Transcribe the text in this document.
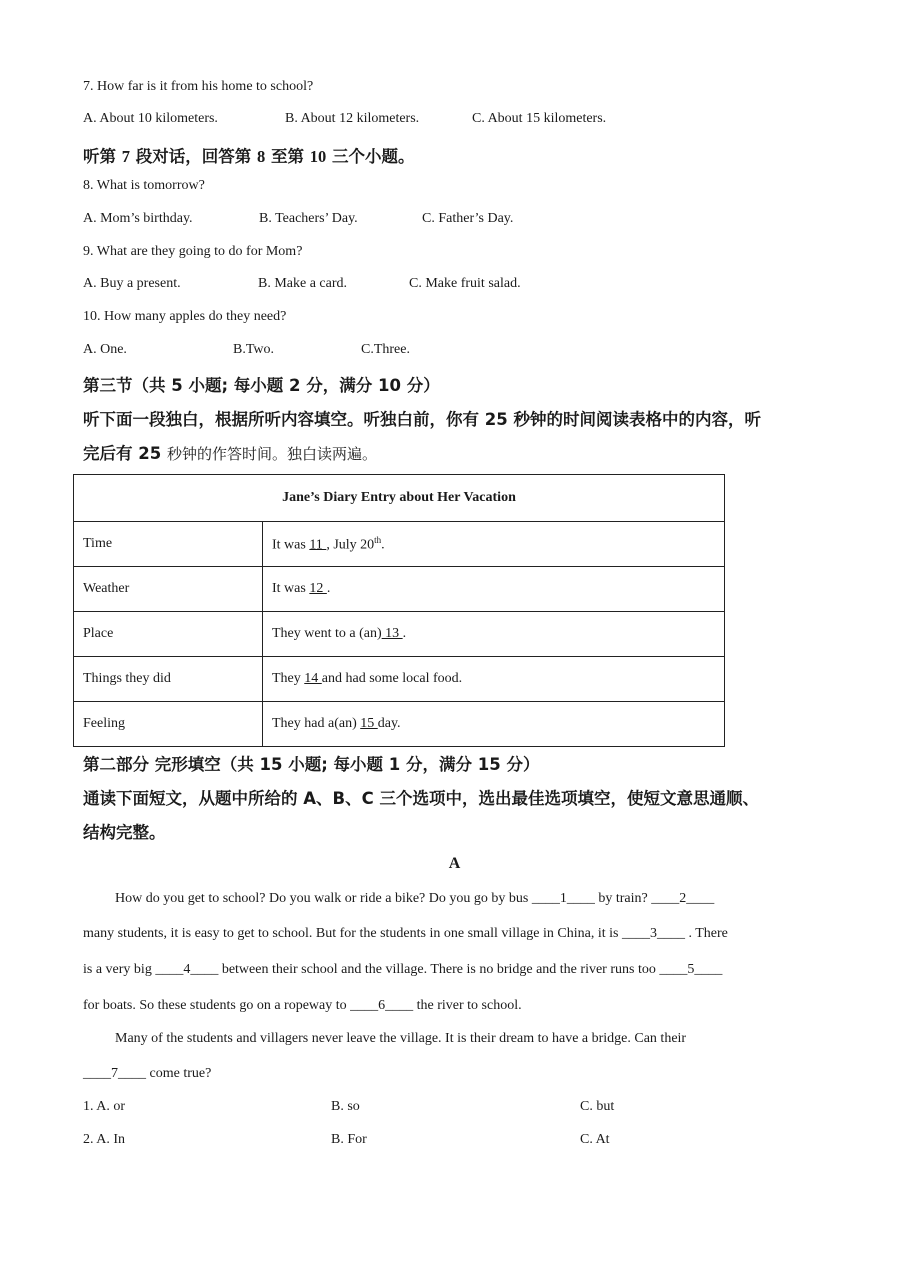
7. How far is it from his home to school?
A. About 10 kilometers.	B. About 12 kilometers.	C. About 15 kilometers.
听第 7 段对话，回答第 8 至第 10 三个小题。
8. What is tomorrow?
A. Mom’s birthday.	B. Teachers’ Day.	C. Father’s Day.
9. What are they going to do for Mom?
A. Buy a present.	B. Make a card.	C. Make fruit salad.
10. How many apples do they need?
A. One.	B.Two.	C.Three.
第三节（共 5 小题; 每小题 2 分，满分 10 分）
听下面一段独白，根据所听内容填空。听独白前，你有 25 秒钟的时间阅读表格中的内容，听
完后有 25 秒钟的作答时间。独白读两遍。
Jane’s Diary Entry about Her Vacation	
Time	It was 11 , July 20th.
Weather	It was 12 .
Place	They went to a (an) 13 .
Things they did	They 14 and had some local food.
Feeling	They had a(an) 15 day.
第二部分 完形填空（共 15 小题; 每小题 1 分，满分 15 分）
通读下面短文，从题中所给的 A、B、C 三个选项中，选出最佳选项填空，使短文意思通顺、
结构完整。
A
How do you get to school? Do you walk or ride a bike? Do you go by bus ____1____ by train? ____2____
many students, it is easy to get to school. But for the students in one small village in China, it is ____3____ . There
is a very big ____4____ between their school and the village. There is no bridge and the river runs too ____5____
for boats. So these students go on a ropeway to ____6____ the river to school.
Many of the students and villagers never leave the village. It is their dream to have a bridge. Can their
____7____ come true?
1. A. or	B. so	C. but
2. A. In	B. For	C. At
